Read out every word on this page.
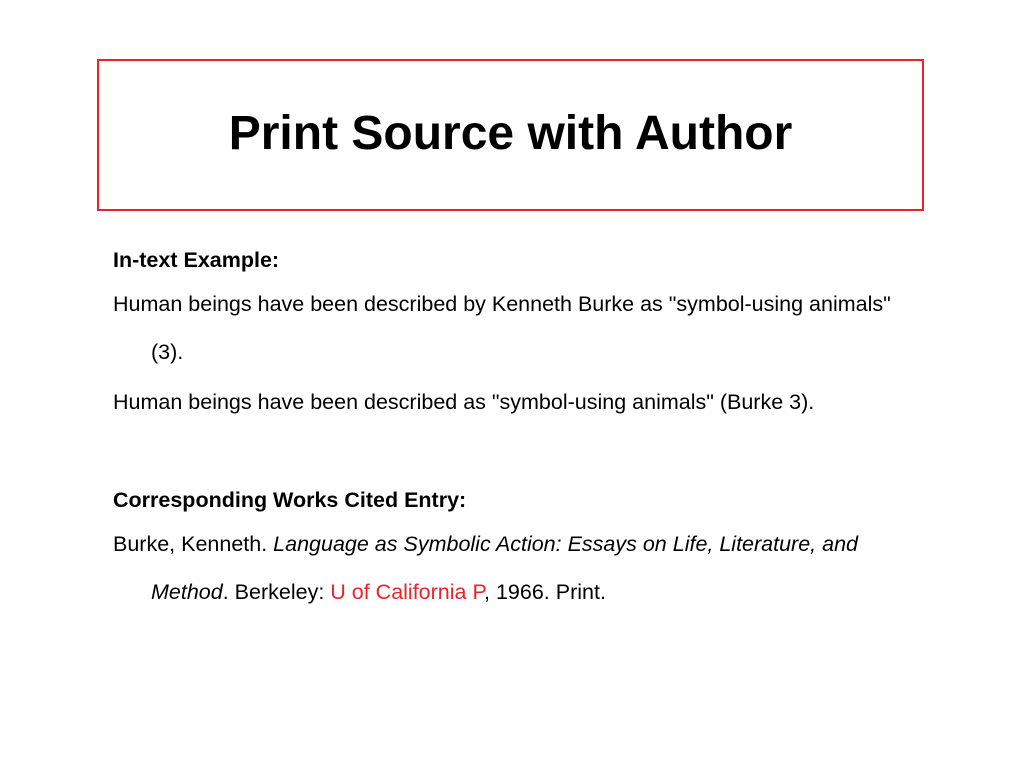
Print Source with Author

In-text Example:

Human beings have been described by Kenneth Burke as "symbol-using animals" (3).

Human beings have been described as "symbol-using animals" (Burke 3).

Corresponding Works Cited Entry:

Burke, Kenneth. Language as Symbolic Action: Essays on Life, Literature, and Method. Berkeley: U of California P, 1966. Print.
